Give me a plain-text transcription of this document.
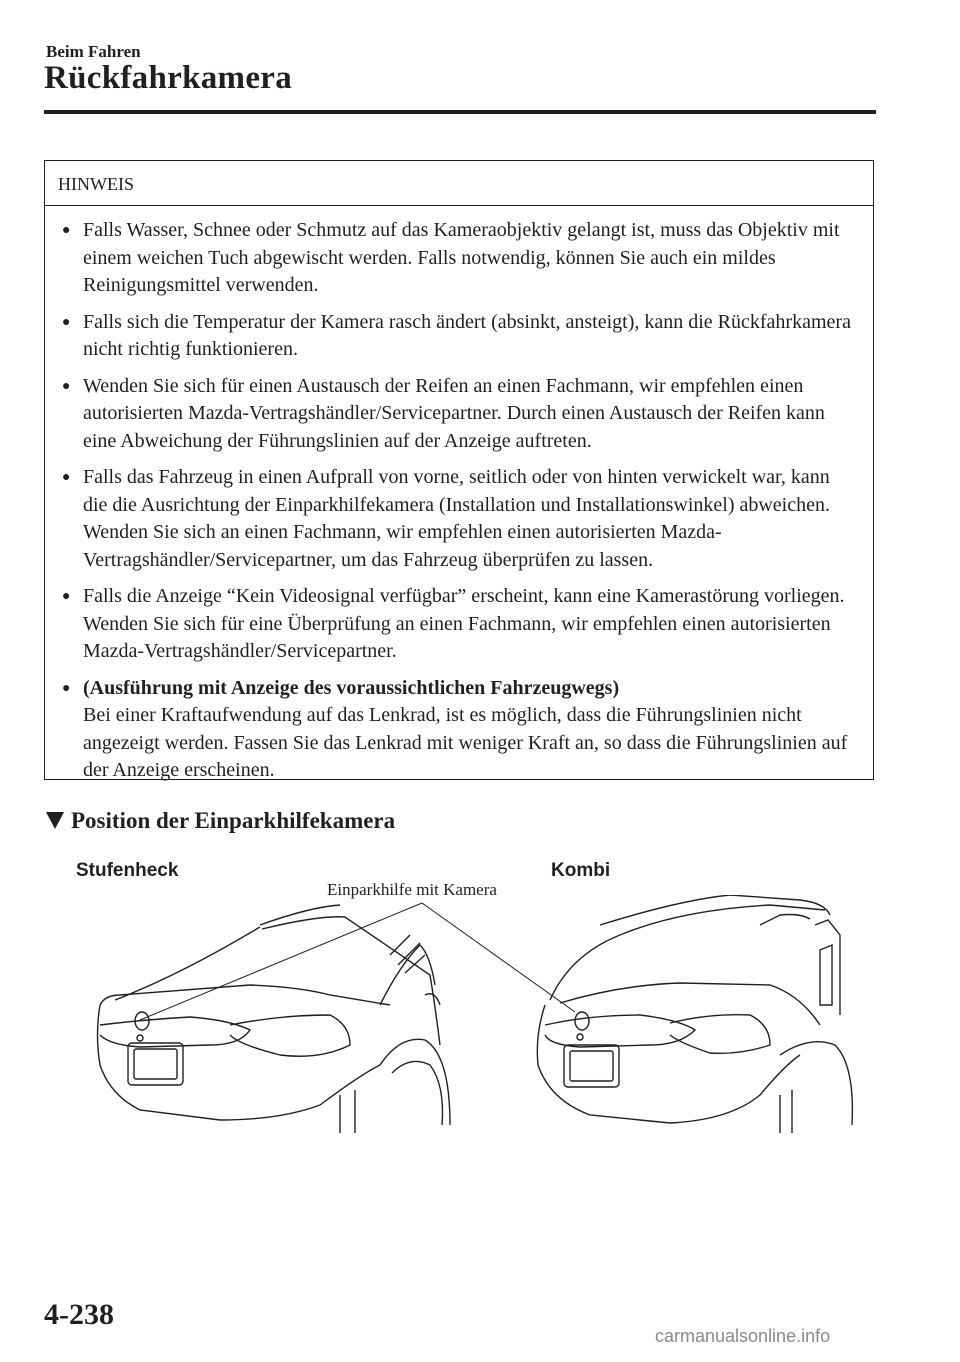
Beim Fahren
Rückfahrkamera
HINWEIS
● Falls Wasser, Schnee oder Schmutz auf das Kameraobjektiv gelangt ist, muss das Objektiv mit einem weichen Tuch abgewischt werden. Falls notwendig, können Sie auch ein mildes Reinigungsmittel verwenden.
● Falls sich die Temperatur der Kamera rasch ändert (absinkt, ansteigt), kann die Rückfahrkamera nicht richtig funktionieren.
● Wenden Sie sich für einen Austausch der Reifen an einen Fachmann, wir empfehlen einen autorisierten Mazda-Vertragshändler/Servicepartner. Durch einen Austausch der Reifen kann eine Abweichung der Führungslinien auf der Anzeige auftreten.
● Falls das Fahrzeug in einen Aufprall von vorne, seitlich oder von hinten verwickelt war, kann die die Ausrichtung der Einparkhilfekamera (Installation und Installationswinkel) abweichen. Wenden Sie sich an einen Fachmann, wir empfehlen einen autorisierten Mazda-Vertragshändler/Servicepartner, um das Fahrzeug überprüfen zu lassen.
● Falls die Anzeige “Kein Videosignal verfügbar” erscheint, kann eine Kamerastörung vorliegen. Wenden Sie sich für eine Überprüfung an einen Fachmann, wir empfehlen einen autorisierten Mazda-Vertragshändler/Servicepartner.
● (Ausführung mit Anzeige des voraussichtlichen Fahrzeugwegs)
Bei einer Kraftaufwendung auf das Lenkrad, ist es möglich, dass die Führungslinien nicht angezeigt werden. Fassen Sie das Lenkrad mit weniger Kraft an, so dass die Führungslinien auf der Anzeige erscheinen.
Position der Einparkhilfekamera
Stufenheck	Kombi
Einparkhilfe mit Kamera
4-238
carmanualsonline.info
